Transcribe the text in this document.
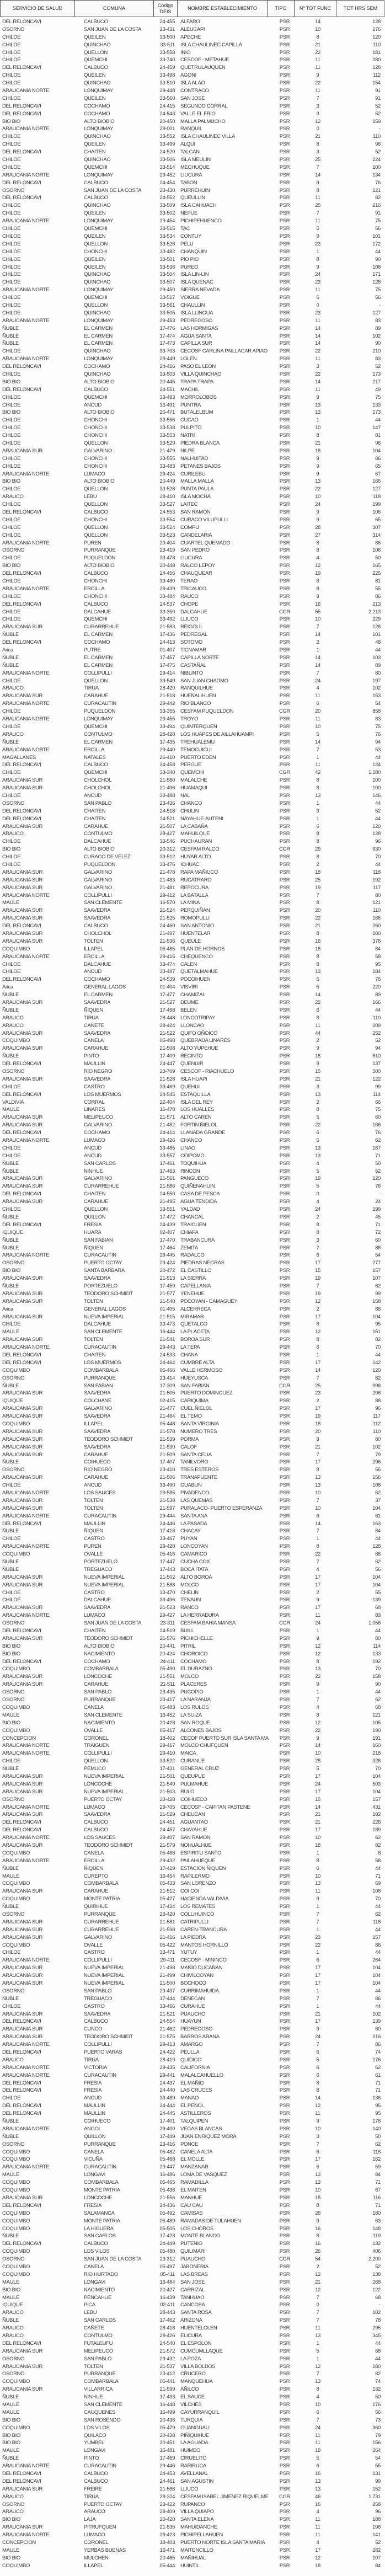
SERVICIO DE SALUD	COMUNA
Codigo
DEIS
NOMBRE ESTABLECIMIENTO	TIPO	Nº TOT FUNC	TOT HRS SEM
DEL RELONCAVI	CALBUCO	24-455 ALFARO	PSR	14	128
OSORNO	SAN JUAN DE LA COSTA	23-431 ALEUCAPI	PSR	10	176
CHILOE	QUEILEN	33-500 APECHE	PSR	8	120
CHILOE	QUINCHAO	33-511 ISLA CHAULINEC CAPILLA	PSR	21	110
CHILOE	QUELLON	33-558 INIO	PSR	22	181
CHILOE	QUEMCHI	33-740 CESCOF - METAHUE	PSR	11	280
DEL RELONCAVI	CALBUCO	24-459 QUETRULAUQUEN	PSR	11	128
CHILOE	QUEILEN	33-498 AGONI	PSR	9	112
CHILOE	QUINCHAO	33-510 ISLA ALAO	PSR	22	154
ARAUCANIA NORTE	LONQUIMAY	29-448 CONTRACO	PSR	11	91
CHILOE	QUEILEN	33-560 SAN JOSE	PSR	7	91
DEL RELONCAVI	COCHAMO	24-415 SEGUNDO CORRAL	PSR	3	52
DEL RELONCAVI	COCHAMO	24-543 VALLE EL FRIO	PSR	3	52
BIO BIO	ALTO BIOBIO	20-450 MALLA PALMUCHO	PSR	12	159
ARAUCANIA NORTE	LONQUIMAY	29-001 RANQUIL	PSR	0	-
CHILOE	QUINCHAO	33-552 ISLA CHAULINEC VILLA	PSR	21	110
CHILOE	QUEILEN	33-499 ALQUI	PSR	8	96
DEL RELONCAVI	CHAITEN	24-520 TALCAN	PSR	3	52
CHILOE	QUINCHAO	33-506 ISLA MEULIN	PSR	25	224
CHILOE	QUEMCHI	33-514 MECHUQUE	PSR	7	100
ARAUCANIA NORTE	LONQUIMAY	29-452 LIUCURA	PSR	14	134
DEL RELONCAVI	CALBUCO	24-454 TABON	PSR	9	76
OSORNO	SAN JUAN DE LA COSTA	23-430 PURREHUIN	PSR	8	121
DEL RELONCAVI	CALBUCO	24-552 QUEULLIN	PSR	11	82
CHILOE	QUINCHAO	33-509 ISLA CAHUACH	PSR	25	216
CHILOE	QUEILEN	33-502 NEPUE	PSR	7	91
ARAUCANIA NORTE	LONQUIMAY	29-454 PICHIPEHUENCO	PSR	11	75
CHILOE	QUEMCHI	33-515 TAC	PSR	5	56
CHILOE	QUEILEN	33-534 CONTUY	PSR	9	101
CHILOE	QUELLON	33-526 PELU	PSR	23	172
CHILOE	CHONCHI	33-482 CHANQUIN	PSR	1	44
CHILOE	QUEILEN	33-501 PIO PIO	PSR	8	90
CHILOE	QUEILEN	33-536 PUREO	PSR	9	108
CHILOE	QUINCHAO	33-504 ISLA LIN-LIN	PSR	24	171
CHILOE	QUINCHAO	33-507 ISLA QUENAC	PSR	23	128
ARAUCANIA NORTE	LONQUIMAY	29-450 SIERRA NEVADA	PSR	11	75
CHILOE	QUEMCHI	33-517 VOIGUE	PSR	5	56
CHILOE	QUELLON	33-561 CHAULLIN	PSR	0	-
CHILOE	QUINCHAO	33-505 ISLA LLINGUA	PSR	23	127
ARAUCANIA NORTE	LONQUIMAY	29-453 PEDREGOSO	PSR	11	83
ÑUBLE	EL CARMEN	17-476 LAS HORMIGAS	PSR	14	89
ÑUBLE	EL CARMEN	17-474 AGUA SANTA	PSR	14	102
ÑUBLE	EL CARMEN	17-473 CAPILLA SUR	PSR	14	90
CHILOE	QUINCHAO	33-703 CECOSF CARLINA PAILLACAR APIAO	PSR	22	210
ARAUCANIA NORTE	LONQUIMAY	29-449 LOLEN	PSR	11	83
DEL RELONCAVI	COCHAMO	24-416 PASO EL LEON	PSR	3	52
CHILOE	QUINCHAO	33-503 VILLA QUINCHAO	PSR	22	173
BIO BIO	ALTO BIOBIO	20-445 TRAPA TRAPA	PSR	14	217
DEL RELONCAVI	CALBUCO	24-551 MACHIL	PSR	11	49
CHILOE	QUEMCHI	33-493 MORROLOBOS	PSR	9	75
CHILOE	ANCUD	33-491 PUNTRA	PSR	13	133
BIO BIO	ALTO BIOBIO	20-471 BUTALELBUM	PSR	13	173
CHILOE	CHONCHI	33-556 CUCAO	PSR	1	44
CHILOE	CHONCHI	33-538 PULPITO	PSR	10	147
CHILOE	CHONCHI	33-553 NATRI	PSR	8	81
CHILOE	QUELLON	33-529 PIEDRA BLANCA	PSR	21	96
ARAUCANIA SUR	GALVARINO	21-479 NILPE	PSR	18	104
CHILOE	CHONCHI	33-555 NALHUITAD	PSR	9	86
CHILOE	CHONCHI	33-483 PETANES BAJOS	PSR	9	65
ARAUCANIA NORTE	LUMACO	29-424 CURILEBU	PSR	9	67
BIO BIO	ALTO BIOBIO	20-449 MALLA MALLA	PSR	13	166
CHILOE	QUELLON	33-528 PUNTA PAULA	PSR	22	127
ARAUCO	LEBU	28-410 ISLA MOCHA	PSR	10	118
CHILOE	QUELLON	33-527 LAITEC	PSR	24	199
DEL RELONCAVI	CALBUCO	24-553 SAN RAMON	PSR	9	106
CHILOE	CHONCHI	33-554 CURACO VILUPULLI	PSR	9	65
CHILOE	QUELLON	33-524 COMPU	PSR	28	307
CHILOE	QUELLON	33-523 CANDELARIA	PSR	27	314
ARAUCANIA NORTE	PUREN	29-404 CUARTEL QUEMADO	PSR	8	86
OSORNO	PURRANQUE	23-419 SAN PEDRO	PSR	8	106
CHILOE	PUQUELDON	33-478 LIUCURA	PSR	4	50
BIO BIO	ALTO BIOBIO	20-448 RALCO LEPOY	PSR	12	165
DEL RELONCAVI	CALBUCO	24-456 CHAUQUEAR	PSR	19	225
CHILOE	CHONCHI	33-480 TERAO	PSR	8	81
ARAUCANIA NORTE	ERCILLA	29-439 TRICAUCO	PSR	8	55
CHILOE	CHONCHI	33-484 RAUCO	PSR	9	86
DEL RELONCAVI	CALBUCO	24-537 CHOPE	PSR	16	213
CHILOE	DALCAHUE	33-350 DALCAHUE	CGR	55	2.213
CHILOE	QUEMCHI	33-492 LLIUCO	PSR	10	229
ARAUCANIA SUR	CURARREHUE	21-583 REIGOLIL	PSR	7	128
ÑUBLE	EL CARMEN	17-436 PEDREGAL	PSR	14	101
DEL RELONCAVI	COCHAMO	24-413 SOTOMO	PSR	2	48
Arica	PUTRE	01-407 TICNAMAR	PSR	1	44
ÑUBLE	EL CARMEN	17-457 CAPILLA NORTE	PSR	14	103
ÑUBLE	EL CARMEN	17-475 CASTAÑAL	PSR	14	89
ARAUCANIA NORTE	COLLIPULLI	29-414 NIBLINTO	PSR	7	80
CHILOE	QUELLON	33-549 SAN JUAN CHADMO	PSR	24	197
ARAUCO	TIRUA	28-420 RANQUILHUE	PSR	4	102
ARAUCANIA SUR	CARAHUE	21-518 HUEÑALIHUEN	PSR	11	153
ARAUCANIA NORTE	CURACAUTIN	29-442 RIO BLANCO	PSR	6	54
CHILOE	PUQUELDON	33-355 CESFAM PUQUELDON	CGR	20	858
ARAUCANIA NORTE	LONQUIMAY	29-455 TROYO	PSR	11	83
CHILOE	QUEMCHI	33-494 QUINTERQUEN	PSR	10	75
ARAUCO	CONTULMO	28-428 LOS HUAPES DE AILLAHUAMPI	PSR	5	76
ÑUBLE	EL CARMEN	17-435 TREHUALEMU	PSR	14	94
ARAUCANIA NORTE	ERCILLA	29-440 TEMOCUICUI	PSR	7	53
MAGALLANES	NATALES	26-410 PUERTO EDEN	PSR	1	44
DEL RELONCAVI	CALBUCO	24-458 PERGUE	PSR	11	124
CHILOE	QUEMCHI	33-340 QUEMCHI	CGR	42	1.580
ARAUCANIA SUR	CHOLCHOL	21-580 MALALCHE	PSR	8	100
ARAUCANIA SUR	CHOLCHOL	21-496 HUAMAQUI	PSR	8	100
CHILOE	ANCUD	33-488 NAL	PSR	13	146
OSORNO	SAN PABLO	23-436 CHANCO	PSR	1	44
DEL RELONCAVI	CHAITEN	24-518 CHULIN	PSR	3	52
DEL RELONCAVI	CHAITEN	24-521 NAYAHUE-AUTENI	PSR	1	44
ARAUCANIA SUR	CARAHUE	21-507 LA CABAÑA	PSR	6	120
ARAUCO	CONTULMO	28-427 MAHUILQUE	PSR	8	128
CHILOE	DALCAHUE	33-546 PUCHAURAN	PSR	8	96
BIO BIO	ALTO BIOBIO	20-312 CESFAM RALCO	CGR	29	930
CHILOE	CURACO DE VELEZ	33-512 HUYAR ALTO	PSR	8	70
CHILOE	PUQUELDON	33-476 ICHUAC	PSR	2	44
ARAUCANIA SUR	GALVARINO	21-478 RAPA MAÑIUCO	PSR	18	118
ARAUCANIA SUR	GALVARINO	21-483 RUCATRARO	PSR	25	192
ARAUCANIA SUR	GALVARINO	21-481 REPOCURA	PSR	19	117
ARAUCANIA NORTE	COLLIPULLI	29-412 LA BATALLA	PSR	7	80
MAULE	SAN CLEMENTE	16-570 LA MINA	PSR	8	121
ARAUCANIA SUR	SAAVEDRA	21-524 PERQUIÑAN	PSR	20	110
ARAUCANIA SUR	SAAVEDRA	21-525 ROMOPULLI	PSR	22	166
DEL RELONCAVI	CALBUCO	24-460 SAN ANTONIO	PSR	21	260
ARAUCANIA SUR	CHOLCHOL	21-497 HUENTELAR	PSR	8	100
ARAUCANIA SUR	TOLTEN	21-536 QUEULE	PSR	16	378
COQUIMBO	ILLAPEL	05-485 PLAN DE HORNOS	PSR	18	84
ARAUCANIA NORTE	ERCILLA	29-415 CHEQUENCO	PSR	8	58
CHILOE	DALCAHUE	33-474 CALEN	PSR	8	95
CHILOE	ANCUD	33-487 QUETALMAHUE	PSR	13	184
DEL RELONCAVI	COCHAMO	24-539 POCOIHUEN	PSR	5	76
Arica	GENERAL LAGOS	01-404 VISVIRI	PSR	5	220
ÑUBLE	EL CARMEN	17-477 CHAMIZAL	PSR	14	89
ARAUCANIA SUR	SAAVEDRA	21-527 DEUME	PSR	22	166
ÑUBLE	ÑIQUEN	17-468 BELEN	PSR	6	44
ARAUCO	TIRUA	28-448 LONCOTRIPAY	PSR	8	110
ARAUCO	CAÑETE	28-424 LLONCAO	PSR	11	209
ARAUCANIA SUR	SAAVEDRA	21-522 QUIFO OÑOICO	PSR	44	252
COQUIMBO	CANELA	05-498 QUEBRADA LINARES	PSR	2	52
ARAUCANIA SUR	CARAHUE	21-508 ALTO YUPEHUE	PSR	9	94
ÑUBLE	PINTO	17-409 RECINTO	PSR	18	610
DEL RELONCAVI	MAULLIN	24-447 QUENUIR	PSR	9	137
OSORNO	RIO NEGRO	23-709 CESCOF - RIACHUELO	PSR	15	500
ARAUCANIA SUR	SAAVEDRA	21-528 ISLA HUAPI	PSR	21	122
CHILOE	CASTRO	33-469 QUEHUI	PSR	3	99
DEL RELONCAVI	LOS MUERMOS	24-545 ESTAQUILLA	PSR	13	114
VALDIVIA	CORRAL	22-404 ISLA DEL REY	PSR	2	66
MAULE	LINARES	16-478 LOS HUALLES	PSR	8	75
ARAUCANIA SUR	MELIPEUCO	21-571 ALTO CAREN	PSR	5	60
ARAUCANIA SUR	GALVARINO	21-482 FORTIN ÑIELOL	PSR	22	166
DEL RELONCAVI	COCHAMO	24-414 LLANADA GRANDE	PSR	6	76
ARAUCANIA NORTE	LUMACO	29-426 CHANCO	PSR	5	62
CHILOE	ANCUD	33-485 LINAO	PSR	13	187
CHILOE	ANCUD	33-557 COIPOMO	PSR	13	71
ÑUBLE	SAN CARLOS	17-461 TOQUIHUA	PSR	4	50
ÑUBLE	NINHUE	17-463 RINCON	PSR	5	52
ARAUCANIA SUR	GALVARINO	21-561 PANGUECO	PSR	19	120
ARAUCANIA SUR	CURARREHUE	21-586 QUIÑENAHUIN	PSR	5	76
DEL RELONCAVI	CHAITEN	24-550 CASA DE PESCA	PSR	0	-
ARAUCANIA SUR	CARAHUE	21-495 AGUA TENDIDA	PSR	4	24
CHILOE	QUELLON	33-551 YALDAD	PSR	24	199
ÑUBLE	QUILLON	17-472 CHANCAL	PSR	2	45
DEL RELONCAVI	FRESIA	24-439 TRAIGUEN	PSR	8	71
IQUIQUE	HUARA	02-407 CHIAPA	PSR	8	72
ÑUBLE	SAN FABIAN	17-470 TRABANCURA	PSR	3	60
ÑUBLE	ÑIQUEN	17-464 ZEMITA	PSR	7	88
ARAUCANIA NORTE	CURACAUTIN	29-445 RADALCO	PSR	6	54
OSORNO	PUERTO OCTAY	23-424 PIEDRAS NEGRAS	PSR	17	277
BIO BIO	SANTA BARBARA	20-472 EL CASTILLO	PSR	15	157
ARAUCANIA SUR	SAAVEDRA	21-513 LA SIERRA	PSR	19	107
ÑUBLE	PORTEZUELO	17-459 CAPELLANIA	PSR	7	62
ARAUCANIA SUR	TEODORO SCHMIDT	21-577 YENEHUE	PSR	19	99
ARAUCANIA SUR	TOLTEN	21-540 POCOYAN - CAMAGUEY	PSR	12	158
Arica	GENERAL LAGOS	01-405 ALCERRECA	PSR	2	88
ARAUCANIA SUR	NUEVA IMPERIAL	21-515 MIRAMAR	PSR	17	104
CHILOE	DALCAHUE	33-473 QUETALCO	PSR	8	95
MAULE	SAN CLEMENTE	16-444 LA PLACETA	PSR	12	161
ARAUCANIA SUR	TOLTEN	21-541 BOROA SUR	PSR	8	82
ARAUCANIA NORTE	CURACAUTIN	29-443 LA TEPA	PSR	6	70
DEL RELONCAVI	CHAITEN	24-533 CHANA	PSR	1	44
DEL RELONCAVI	LOS MUERMOS	24-464 CUMBRE ALTA	PSR	17	142
COQUIMBO	COMBARBALA	05-466 VALLE HERMOSO	PSR	14	120
OSORNO	PURRANQUE	23-414 HUEYUSCA	PSR	7	82
ÑUBLE	SAN FABIAN	17-309 SAN FABIAN	CGR	25	998
ARAUCANIA SUR	SAAVEDRA	21-505 PUERTO DOMINGUEZ	PSR	23	296
IQUIQUE	COLCHANE	02-415 CARIQUIMA	PSR	2	88
ARAUCANIA SUR	GALVARINO	21-477 CUEL ÑIELOL	PSR	17	96
ARAUCANIA SUR	SAAVEDRA	21-464 EL TEMO	PSR	19	117
COQUIMBO	ILLAPEL	05-448 SANTA VIRGINIA	PSR	18	112
ARAUCANIA SUR	SAAVEDRA	21-578 NUMERO TRES	PSR	20	110
ARAUCANIA SUR	TEODORO SCHMIDT	21-539 PORMA	PSR	9	80
ARAUCANIA SUR	SAAVEDRA	21-530 CALOF	PSR	21	102
ARAUCANIA SUR	CARAHUE	21-509 SANTA CELIA	PSR	7	79
ÑUBLE	COIHUECO	17-407 TANILVORO	PSR	17	296
OSORNO	RIO NEGRO	23-410 TRES ESTEROS	PSR	8	56
ARAUCANIA SUR	CARAHUE	21-506 TRANAPUENTE	PSR	13	156
CHILOE	ANCUD	33-490 GUABUN	PSR	13	108
ARAUCANIA NORTE	LOS SAUCES	29-585 PIVADENCO	PSR	10	62
ARAUCANIA SUR	TOLTEN	21-538 LAS QUEMAS	PSR	7	37
ARAUCANIA SUR	TOLTEN	21-597 PURALACO- PUERTO ESPERANZA	PSR	10	104
ARAUCANIA NORTE	CURACAUTIN	29-444 SANTA ANA	PSR	6	61
DEL RELONCAVI	MAULLIN	24-446 LA PASADA	PSR	14	163
ÑUBLE	ÑIQUEN	17-418 CHACAY	PSR	7	84
CHILOE	CASTRO	33-467 PUYAN	PSR	1	44
ARAUCANIA NORTE	PUREN	29-428 LONCOYAN	PSR	8	128
COQUIMBO	OVALLE	05-416 CAMARICO	PSR	22	86
ÑUBLE	PORTEZUELO	17-447 CUCHA COX	PSR	7	62
ÑUBLE	TREGUACO	17-443 BOCA ITATA	PSR	4	56
ARAUCANIA SUR	NUEVA IMPERIAL	21-502 ALTO BOROA	PSR	17	104
ARAUCANIA SUR	NUEVA IMPERIAL	21-588 MOLCO	PSR	17	104
CHILOE	CASTRO	33-470 CHELIN	PSR	2	55
CHILOE	DALCAHUE	33-496 TENAUN	PSR	9	139
ARAUCANIA SUR	SAAVEDRA	21-523 RANCO	PSR	17	68
ARAUCANIA NORTE	LUMACO	29-427 LA HERRADURA	PSR	11	83
OSORNO	SAN JUAN DE LA COSTA	23-311 CESFAM BAHIA MANSA	CGR	24	1.056
DEL RELONCAVI	CHAITEN	24-519 BUILL	PSR	1	44
ARAUCANIA SUR	TEODORO SCHMIDT	21-576 PICHICHELLE	PSR	9	80
BIO BIO	ALTO BIOBIO	20-441 PITRIL	PSR	12	114
BIO BIO	NACIMIENTO	20-424 CHOROICO	PSR	12	133
DEL RELONCAVI	COCHAMO	24-411 COCHAMO	PSR	8	192
COQUIMBO	COMBARBALA	05-490 EL DURAZNO	PSR	13	70
ARAUCANIA SUR	LONCOCHE	21-551 MOLCO	PSR	22	158
ARAUCANIA SUR	CARAHUE	21-511 PLACERES	PSR	9	90
OSORNO	SAN PABLO	23-435 PUCOPIO	PSR	1	44
OSORNO	PURRANQUE	23-417 LA NARANJA	PSR	7	62
COQUIMBO	CANELA	05-483 LOS RULOS	PSR	4	68
MAULE	SAN CLEMENTE	16-452 LA SUIZA	PSR	8	121
BIO BIO	NACIMIENTO	20-428 SAN ROQUE	PSR	12	105
COQUIMBO	OVALLE	05-417 ALCONES BAJOS	PSR	22	190
CONCEPCION	CORONEL	18-402 CECOF PUERTO SUR ISLA SANTA MA	PSR	9	191
ARAUCANIA NORTE	TRAIGUEN	29-417 MOLCO CHUFQUEN	PSR	14	160
ARAUCANIA NORTE	COLLIPULLI	29-410 MAICA	PSR	10	218
CHILOE	QUELLON	33-522 CURANUE	PSR	28	328
ÑUBLE	PEMUCO	17-431 GENERAL CRUZ	PSR	5	70
ARAUCANIA SUR	NUEVA IMPERIAL	21-501 QUEUPUE	PSR	17	104
ARAUCANIA SUR	LONCOCHE	21-549 PULMAHUE	PSR	24	503
ARAUCANIA SUR	NUEVA IMPERIAL	21-503 RULO	PSR	17	104
OSORNO	PUERTO OCTAY	23-428 COIHUECO	PSR	15	157
ARAUCANIA NORTE	LUMACO	29-705 CECOSF - CAPITAN PASTENE	PSR	14	431
ARAUCANIA SUR	SAAVEDRA	21-529 CHEUCAN	PSR	21	102
DEL RELONCAVI	CALBUCO	24-451 AGUANTAO	PSR	21	226
DEL RELONCAVI	CALBUCO	24-457 CHAYAHUE	PSR	17	189
ARAUCANIA NORTE	LOS SAUCES	29-407 SAN RAMON	PSR	10	62
ARAUCANIA SUR	TEODORO SCHMIDT	21-579 NOHUALHUE	PSR	18	82
COQUIMBO	CANELA	05-488 ESPIRITU SANTO	PSR	1	8
ARAUCANIA NORTE	ERCILLA	29-432 PAILAHUEQUE	PSR	8	58
ÑUBLE	ÑIQUEN	17-419 ESTACION ÑIQUEN	PSR	6	44
MAULE	CUREPTO	16-454 RAPILERMO	PSR	10	71
COQUIMBO	COMBARBALA	05-433 SAN LORENZO	PSR	13	69
ARAUCANIA SUR	CARAHUE	21-512 COI COI	PSR	11	106
COQUIMBO	MONTE PATRIA	05-427 HACIENDA VALDIVIA	PSR	9	70
ÑUBLE	QUIRIHUE	17-434 LOS REMATES	PSR	1	44
OSORNO	PURRANQUE	23-420 COLLIHUINCO	PSR	7	62
ARAUCANIA SUR	CURARREHUE	21-581 CATRIPULLI	PSR	7	118
ARAUCANIA SUR	CURARREHUE	21-598 CAREN-TRANCURA	PSR	1	44
ARAUCANIA SUR	GALVARINO	21-416 LA PIEDRA	PSR	23	157
COQUIMBO	OVALLE	05-422 MANTOS HORNILLO	PSR	22	86
CHILOE	CASTRO	33-471 YUTUY	PSR	1	44
ARAUCANIA NORTE	COLLIPULLI	29-411 CECOSF - MININCO	PSR	6	264
ARAUCANIA SUR	NUEVA IMPERIAL	21-498 MAÑIO DUCAÑAN	PSR	17	104
ARAUCANIA SUR	NUEVA IMPERIAL	21-499 CHIVILCOYAN	PSR	17	104
ARAUCANIA SUR	NUEVA IMPERIAL	21-500 BOCHOCO	PSR	17	104
OSORNO	SAN PABLO	23-437 CURRIMAHUIDA	PSR	1	44
ÑUBLE	TREGUACO	17-444 DENECAN	PSR	7	86
CHILOE	CASTRO	33-466 CURAHUE	PSR	1	44
ARAUCANIA SUR	SAAVEDRA	21-521 PUAUCHO	PSR	21	102
DEL RELONCAVI	CALBUCO	24-554 HUAYUN	PSR	17	139
ARAUCANIA SUR	CUNCO	21-462 PEDREGOSO	PSR	9	60
ARAUCANIA SUR	TEODORO SCHMIDT	21-575 BARROS ARANA	PSR	24	216
ARAUCANIA NORTE	COLLIPULLI	29-413 AMARGO	PSR	7	86
DEL RELONCAVI	PUERTO VARAS	24-422 PEULLA	PSR	6	74
ARAUCO	TIRUA	28-419 QUIDICO	PSR	5	176
ARAUCANIA NORTE	VICTORIA	29-435 CALIFORNIA	PSR	6	62
ARAUCANIA NORTE	CURACAUTIN	29-441 MALALCAHUELLO	PSR	6	61
DEL RELONCAVI	FRESIA	24-437 EL MAÑIO	PSR	8	71
DEL RELONCAVI	FRESIA	24-440 LAS CRUCES	PSR	8	71
CHILOE	ANCUD	33-489 MANAO	PSR	14	136
DEL RELONCAVI	MAULLIN	24-444 EL PEÑOL	PSR	12	95
DEL RELONCAVI	MAULLIN	24-445 ASTILLEROS	PSR	11	95
ÑUBLE	COIHUECO	17-401 TALQUIPEN	PSR	9	178
ARAUCANIA NORTE	ANGOL	29-400 VEGAS BLANCAS	PSR	10	140
ÑUBLE	QUILLON	17-449 JUAN ENRIQUEZ MORA	PSR	3	50
OSORNO	PURRANQUE	23-416 PONCE	PSR	7	62
COQUIMBO	CANELA	05-482 CANELA ALTA	PSR	6	118
COQUIMBO	VICUÑA	05-468 EL MOLLE	PSR	17	162
ARAUCANIA NORTE	CURACAUTIN	29-447 MANZANAR	PSR	6	59
MAULE	LONGAVI	16-486 LOMA DE VASQUEZ	PSR	13	84
COQUIMBO	COMBARBALA	05-465 RAMADILLA	PSR	13	71
COQUIMBO	MONTE PATRIA	05-436 EL MAITEN	PSR	10	67
ARAUCANIA SUR	LONCOCHE	21-556 MANHUE	PSR	18	116
DEL RELONCAVI	FRESIA	24-436 CAU CAU	PSR	8	71
COQUIMBO	SALAMANCA	05-492 CAMISAS	PSR	26	180
COQUIMBO	MONTE PATRIA	05-489 RAMADAS DE TULAHUEN	PSR	9	63
COQUIMBO	LA HIGUERA	05-505 LOS CHOROS	PSR	16	148
ÑUBLE	SAN CARLOS	17-423 MONTE BLANCO	PSR	8	119
DEL RELONCAVI	CALBUCO	24-449 PUTENIO	PSR	16	132
COQUIMBO	LOS VILOS	05-480 QUILIMARI	PSR	26	406
OSORNO	SAN JUAN DE LA COSTA	23-312 PUAUCHO	CGR	54	2.200
COQUIMBO	CANELA	05-497 JABONERIA	PSR	2	52
COQUIMBO	RIO HURTADO	05-411 LAS BREAS	PSR	12	138
MAULE	LONGAVI	16-484 SAN JOSE	PSR	21	268
BIO BIO	NACIMIENTO	20-427 CARRIZAL	PSR	12	122
MAULE	PENCAHUE	16-439 TANHUAO	PSR	7	68
IQUIQUE	PICA	02-411 CANCOSA	PSR	0	-
ARAUCO	LEBU	28-443 SANTA ROSA	PSR	7	102
ÑUBLE	SAN CARLOS	17-462 ARIZONA	PSR	7	78
ARAUCO	CAÑETE	28-418 HUENTELOLEN	PSR	11	295
ARAUCO	CONTULMO	28-426 ELICURA	PSR	13	345
DEL RELONCAVI	FUTALEUFU	24-540 EL ESPOLON	PSR	1	44
ARAUCANIA SUR	MELIPEUCO	21-572 CUMCUMLLAQUE	PSR	5	68
OSORNO	SAN PABLO	23-432 LA POZA	PSR	1	44
ARAUCANIA SUR	TOLTEN	21-537 VILLA BOLDOS	PSR	12	180
OSORNO	PURRANQUE	23-412 CRUCERO	PSR	7	82
COQUIMBO	COMBARBALA	05-441 MANQUEHUA	PSR	13	74
ARAUCANIA SUR	VILLARRICA	21-599 AÑILCO	PSR	8	132
ÑUBLE	NINHUE	17-433 EL SAUCE	PSR	4	50
MAULE	SAN CLEMENTE	16-448 VILCHES	PSR	10	176
MAULE	CAUQUENES	16-499 CAYURRANQUIL	PSR	6	56
BIO BIO	SAN ROSENDO	20-436 TURQUIA	PSR	7	73
COQUIMBO	LOS VILOS	05-479 GUANGUALI	PSR	24	360
BIO BIO	QUILACO	20-438 PIÑIQUIHUE	PSR	11	79
BIO BIO	YUMBEL	20-451 LA AGUADA	PSR	11	156
MAULE	LONGAVI	16-481 HUIMEO	PSR	19	264
ÑUBLE	PINTO	17-469 CIRUELITO	PSR	5	54
ARAUCANIA NORTE	CURACAUTIN	29-446 RARIRUCA	PSR	6	55
DEL RELONCAVI	CALBUCO	24-453 AVELLANAL	PSR	16	131
DEL RELONCAVI	CALBUCO	24-461 SAN AGUSTIN	PSR	13	99
ARAUCANIA SUR	FREIRE	21-566 LLIUCO	PSR	13	152
ARAUCO	TIRUA	28-324 CESFAM ISABEL JIMENEZ RIQUELME	CGR	46	1.731
OSORNO	PUERTO OCTAY	23-422 RUPANCO	PSR	16	258
ARAUCO	ARAUCO	28-409 VILLA QUIAPO	PSR	4	96
BIO BIO	LAJA	20-420 SANTA ELENA	PSR	11	188
ARAUCANIA SUR	PITRUFQUEN	21-535 MAHUIDANCHE	PSR	11	196
ARAUCANIA NORTE	LUMACO	29-423 PICHIPELLAHUEN	PSR	11	141
CONCEPCION	CORONEL	18-403 PUERTO NORTE ISLA SANTA MARIA	PSR	4	52
MAULE	YERBAS BUENAS	16-471 MAITENCILLO	PSR	17	282
BIO BIO	MULCHEN	20-465 MAÑIHUAL	PSR	12	107
COQUIMBO	ILLAPEL	05-444 HUINTIL	PSR	18	84
